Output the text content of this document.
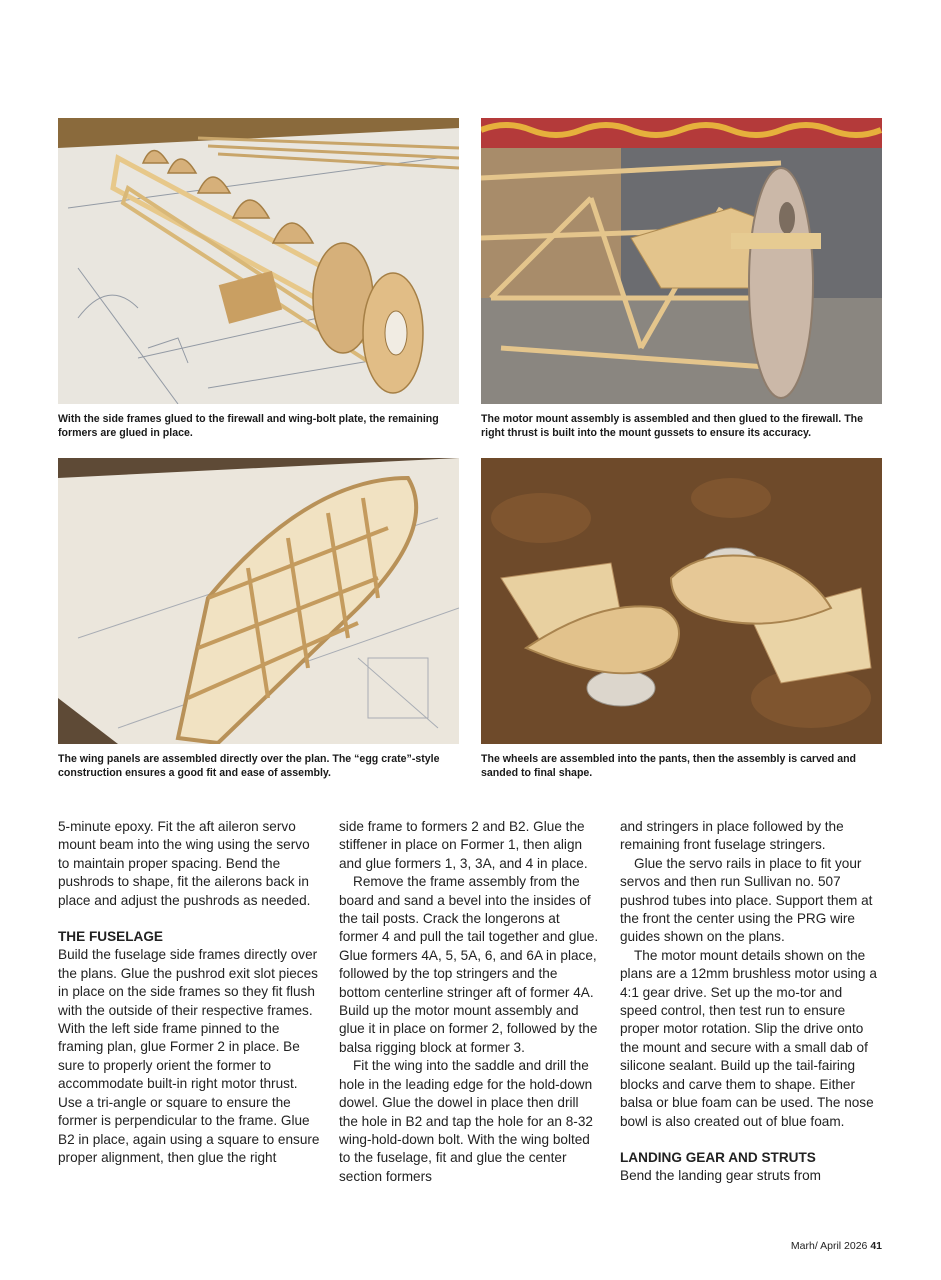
With the side frames glued to the firewall and wing-bolt plate, the remaining formers are glued in place.
The motor mount assembly is assembled and then glued to the firewall. The right thrust is built into the mount gussets to ensure its accuracy.
The wing panels are assembled directly over the plan. The “egg crate”-style construction ensures a good fit and ease of assembly.
The wheels are assembled into the pants, then the assembly is carved and sanded to final shape.

5-minute epoxy. Fit the aft aileron servo mount beam into the wing using the servo to maintain proper spacing. Bend the pushrods to shape, fit the ailerons back in place and adjust the pushrods as needed.

THE FUSELAGE

Build the fuselage side frames directly over the plans. Glue the pushrod exit slot pieces in place on the side frames so they fit flush with the outside of their respective frames. With the left side frame pinned to the framing plan, glue Former 2 in place. Be sure to properly orient the former to accommodate built-in right motor thrust. Use a tri-angle or square to ensure the former is perpendicular to the frame. Glue B2 in place, again using a square to ensure proper alignment, then glue the right

side frame to formers 2 and B2. Glue the stiffener in place on Former 1, then align and glue formers 1, 3, 3A, and 4 in place.

Remove the frame assembly from the board and sand a bevel into the insides of the tail posts. Crack the longerons at former 4 and pull the tail together and glue. Glue formers 4A, 5, 5A, 6, and 6A in place, followed by the top stringers and the bottom centerline stringer aft of former 4A. Build up the motor mount assembly and glue it in place on former 2, followed by the balsa rigging block at former 3.

Fit the wing into the saddle and drill the hole in the leading edge for the hold-down dowel. Glue the dowel in place then drill the hole in B2 and tap the hole for an 8-32 wing-hold-down bolt. With the wing bolted to the fuselage, fit and glue the center section formers

and stringers in place followed by the remaining front fuselage stringers.

Glue the servo rails in place to fit your servos and then run Sullivan no. 507 pushrod tubes into place. Support them at the front the center using the PRG wire guides shown on the plans.

The motor mount details shown on the plans are a 12mm brushless motor using a 4:1 gear drive. Set up the mo-tor and speed control, then test run to ensure proper motor rotation. Slip the drive onto the mount and secure with a small dab of silicone sealant. Build up the tail-fairing blocks and carve them to shape. Either balsa or blue foam can be used. The nose bowl is also created out of blue foam.

LANDING GEAR AND STRUTS

Bend the landing gear struts from

Marh/ April 2026 41
